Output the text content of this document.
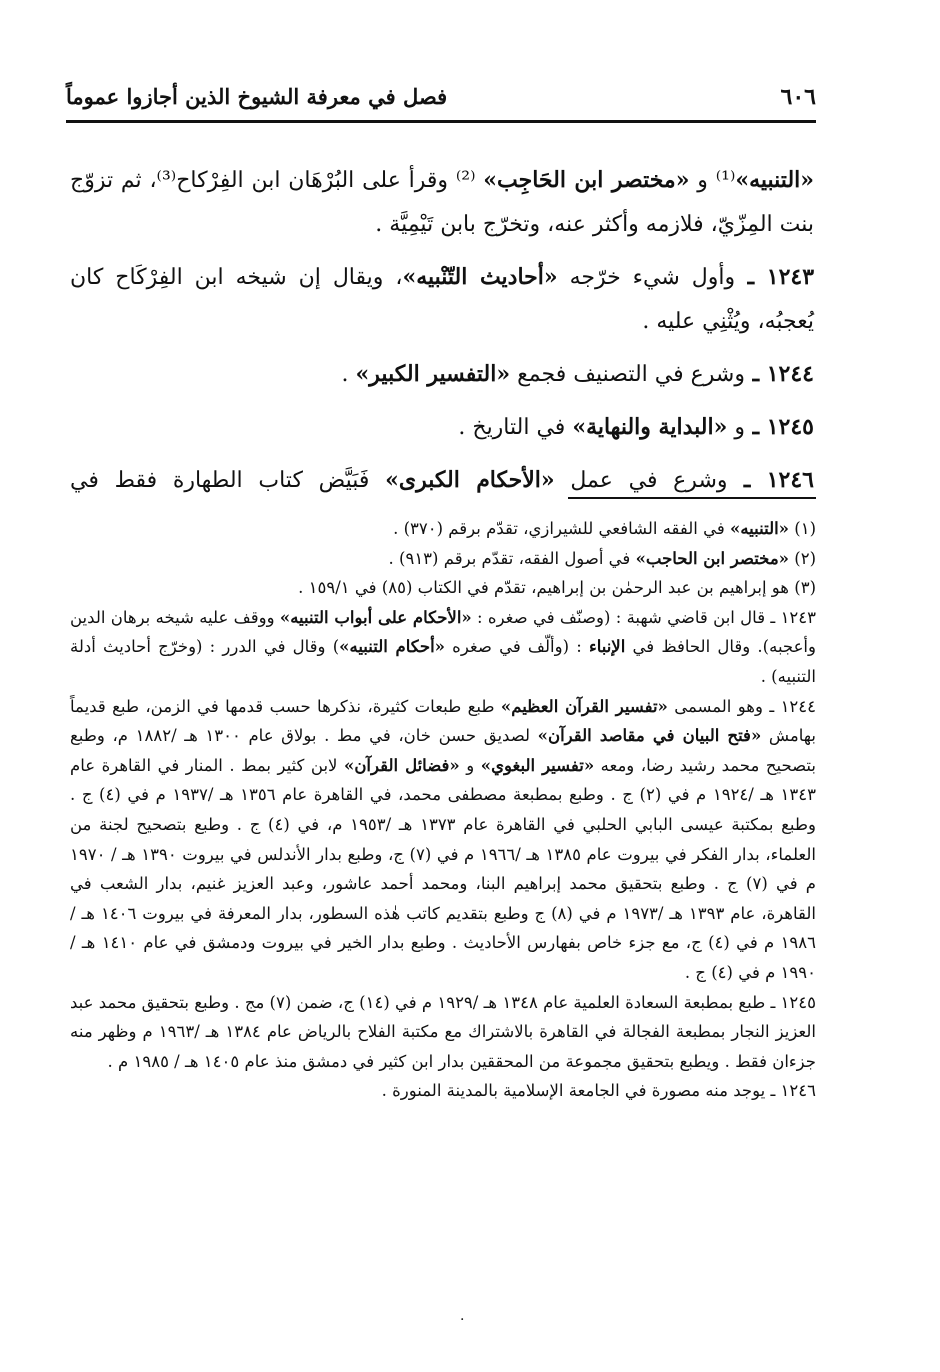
٦٠٦
فصل في معرفة الشيوخ الذين أجازوا عموماً

«التنبيه»⁽¹⁾ و «مختصر ابن الحَاجِب» ⁽²⁾ وقرأ على البُرْهَان ابن الفِرْكاح⁽³⁾، ثم تزوّج بنت المِزّيّ، فلازمه وأكثر عنه، وتخرّج بابن تَيْمِيَّة .

١٢٤٣ ـ وأول شيء خرّجه «أحاديث التّنْبيه»، ويقال إن شيخه ابن الفِرْكَاح كان يُعجبُه، ويُثْنِي عليه .

١٢٤٤ ـ وشرع في التصنيف فجمع «التفسير الكبير» .

١٢٤٥ ـ و «البداية والنهاية» في التاريخ .

١٢٤٦ ـ وشرع في عمل «الأحكام الكبرى» فَبَيَّض كتاب الطهارة فقط في

(١) «التنبيه» في الفقه الشافعي للشيرازي، تقدّم برقم (٣٧٠) .

(٢) «مختصر ابن الحاجب» في أصول الفقه، تقدّم برقم (٩١٣) .

(٣) هو إبراهيم بن عبد الرحمٰن بن إبراهيم، تقدّم في الكتاب (٨٥) في ١٥٩/١ .

١٢٤٣ ـ قال ابن قاضي شهبة : (وصنّف في صغره : «الأحكام على أبواب التنبيه» ووقف عليه شيخه برهان الدين وأعجبه). وقال الحافظ في الإنباء : (وألّف في صغره «أحكام التنبيه») وقال في الدرر : (وخرّج أحاديث أدلة التنبيه) .

١٢٤٤ ـ وهو المسمى «تفسير القرآن العظيم» طبع طبعات كثيرة، نذكرها حسب قدمها في الزمن، طبع قديماً بهامش «فتح البيان في مقاصد القرآن» لصديق حسن خان، في مط . بولاق عام ١٣٠٠ هـ /١٨٨٢ م، وطبع بتصحيح محمد رشيد رضا، ومعه «تفسير البغوي» و «فضائل القرآن» لابن كثير بمط . المنار في القاهرة عام ١٣٤٣ هـ /١٩٢٤ م في (٢) ج . وطبع بمطبعة مصطفى محمد، في القاهرة عام ١٣٥٦ هـ /١٩٣٧ م في (٤) ج . وطبع بمكتبة عيسى البابي الحلبي في القاهرة عام ١٣٧٣ هـ /١٩٥٣ م، في (٤) ج . وطبع بتصحيح لجنة من العلماء، بدار الفكر في بيروت عام ١٣٨٥ هـ /١٩٦٦ م في (٧) ج، وطبع بدار الأندلس في بيروت ١٣٩٠ هـ / ١٩٧٠ م في (٧) ج . وطبع بتحقيق محمد إبراهيم البنا، ومحمد أحمد عاشور، وعبد العزيز غنيم، بدار الشعب في القاهرة، عام ١٣٩٣ هـ /١٩٧٣ م في (٨) ج وطبع بتقديم كاتب هٰذه السطور، بدار المعرفة في بيروت ١٤٠٦ هـ /١٩٨٦ م في (٤) ج، مع جزء خاص بفهارس الأحاديث . وطبع بدار الخير في بيروت ودمشق في عام ١٤١٠ هـ /١٩٩٠ م في (٤) ج .

١٢٤٥ ـ طبع بمطبعة السعادة العلمية عام ١٣٤٨ هـ /١٩٢٩ م في (١٤) ج، ضمن (٧) مج . وطبع بتحقيق محمد عبد العزيز النجار بمطبعة الفجالة في القاهرة بالاشتراك مع مكتبة الفلاح بالرياض عام ١٣٨٤ هـ /١٩٦٣ م وظهر منه جزءان فقط . ويطبع بتحقيق مجموعة من المحققين بدار ابن كثير في دمشق منذ عام ١٤٠٥ هـ / ١٩٨٥ م .

١٢٤٦ ـ يوجد منه مصورة في الجامعة الإسلامية بالمدينة المنورة .

·
